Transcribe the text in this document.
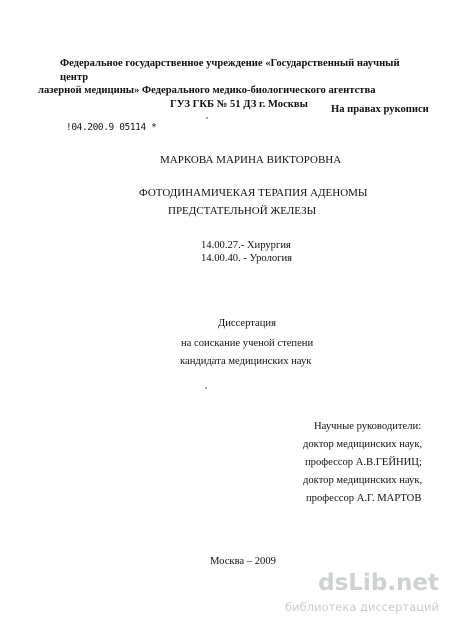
Федеральное государственное учреждение «Государственный научный центр
лазерной медицины» Федерального медико-биологического агентства
ГУЗ ГКБ № 51 ДЗ г. Москвы	На правах рукописи
!04.200.9 05114 *
МАРКОВА МАРИНА ВИКТОРОВНА
ФОТОДИНАМИЧЕКАЯ ТЕРАПИЯ АДЕНОМЫ
ПРЕДСТАТЕЛЬНОЙ ЖЕЛЕЗЫ
14.00.27.- Хирургия
14.00.40. - Урология
Диссертация
на соискание ученой степени
кандидата медицинских наук
Научные руководители:
доктор медицинских наук,
профессор А.В.ГЕЙНИЦ;
доктор медицинских наук,
профессор А.Г. МАРТОВ
Москва – 2009
dsLib.net
библиотека диссертаций
